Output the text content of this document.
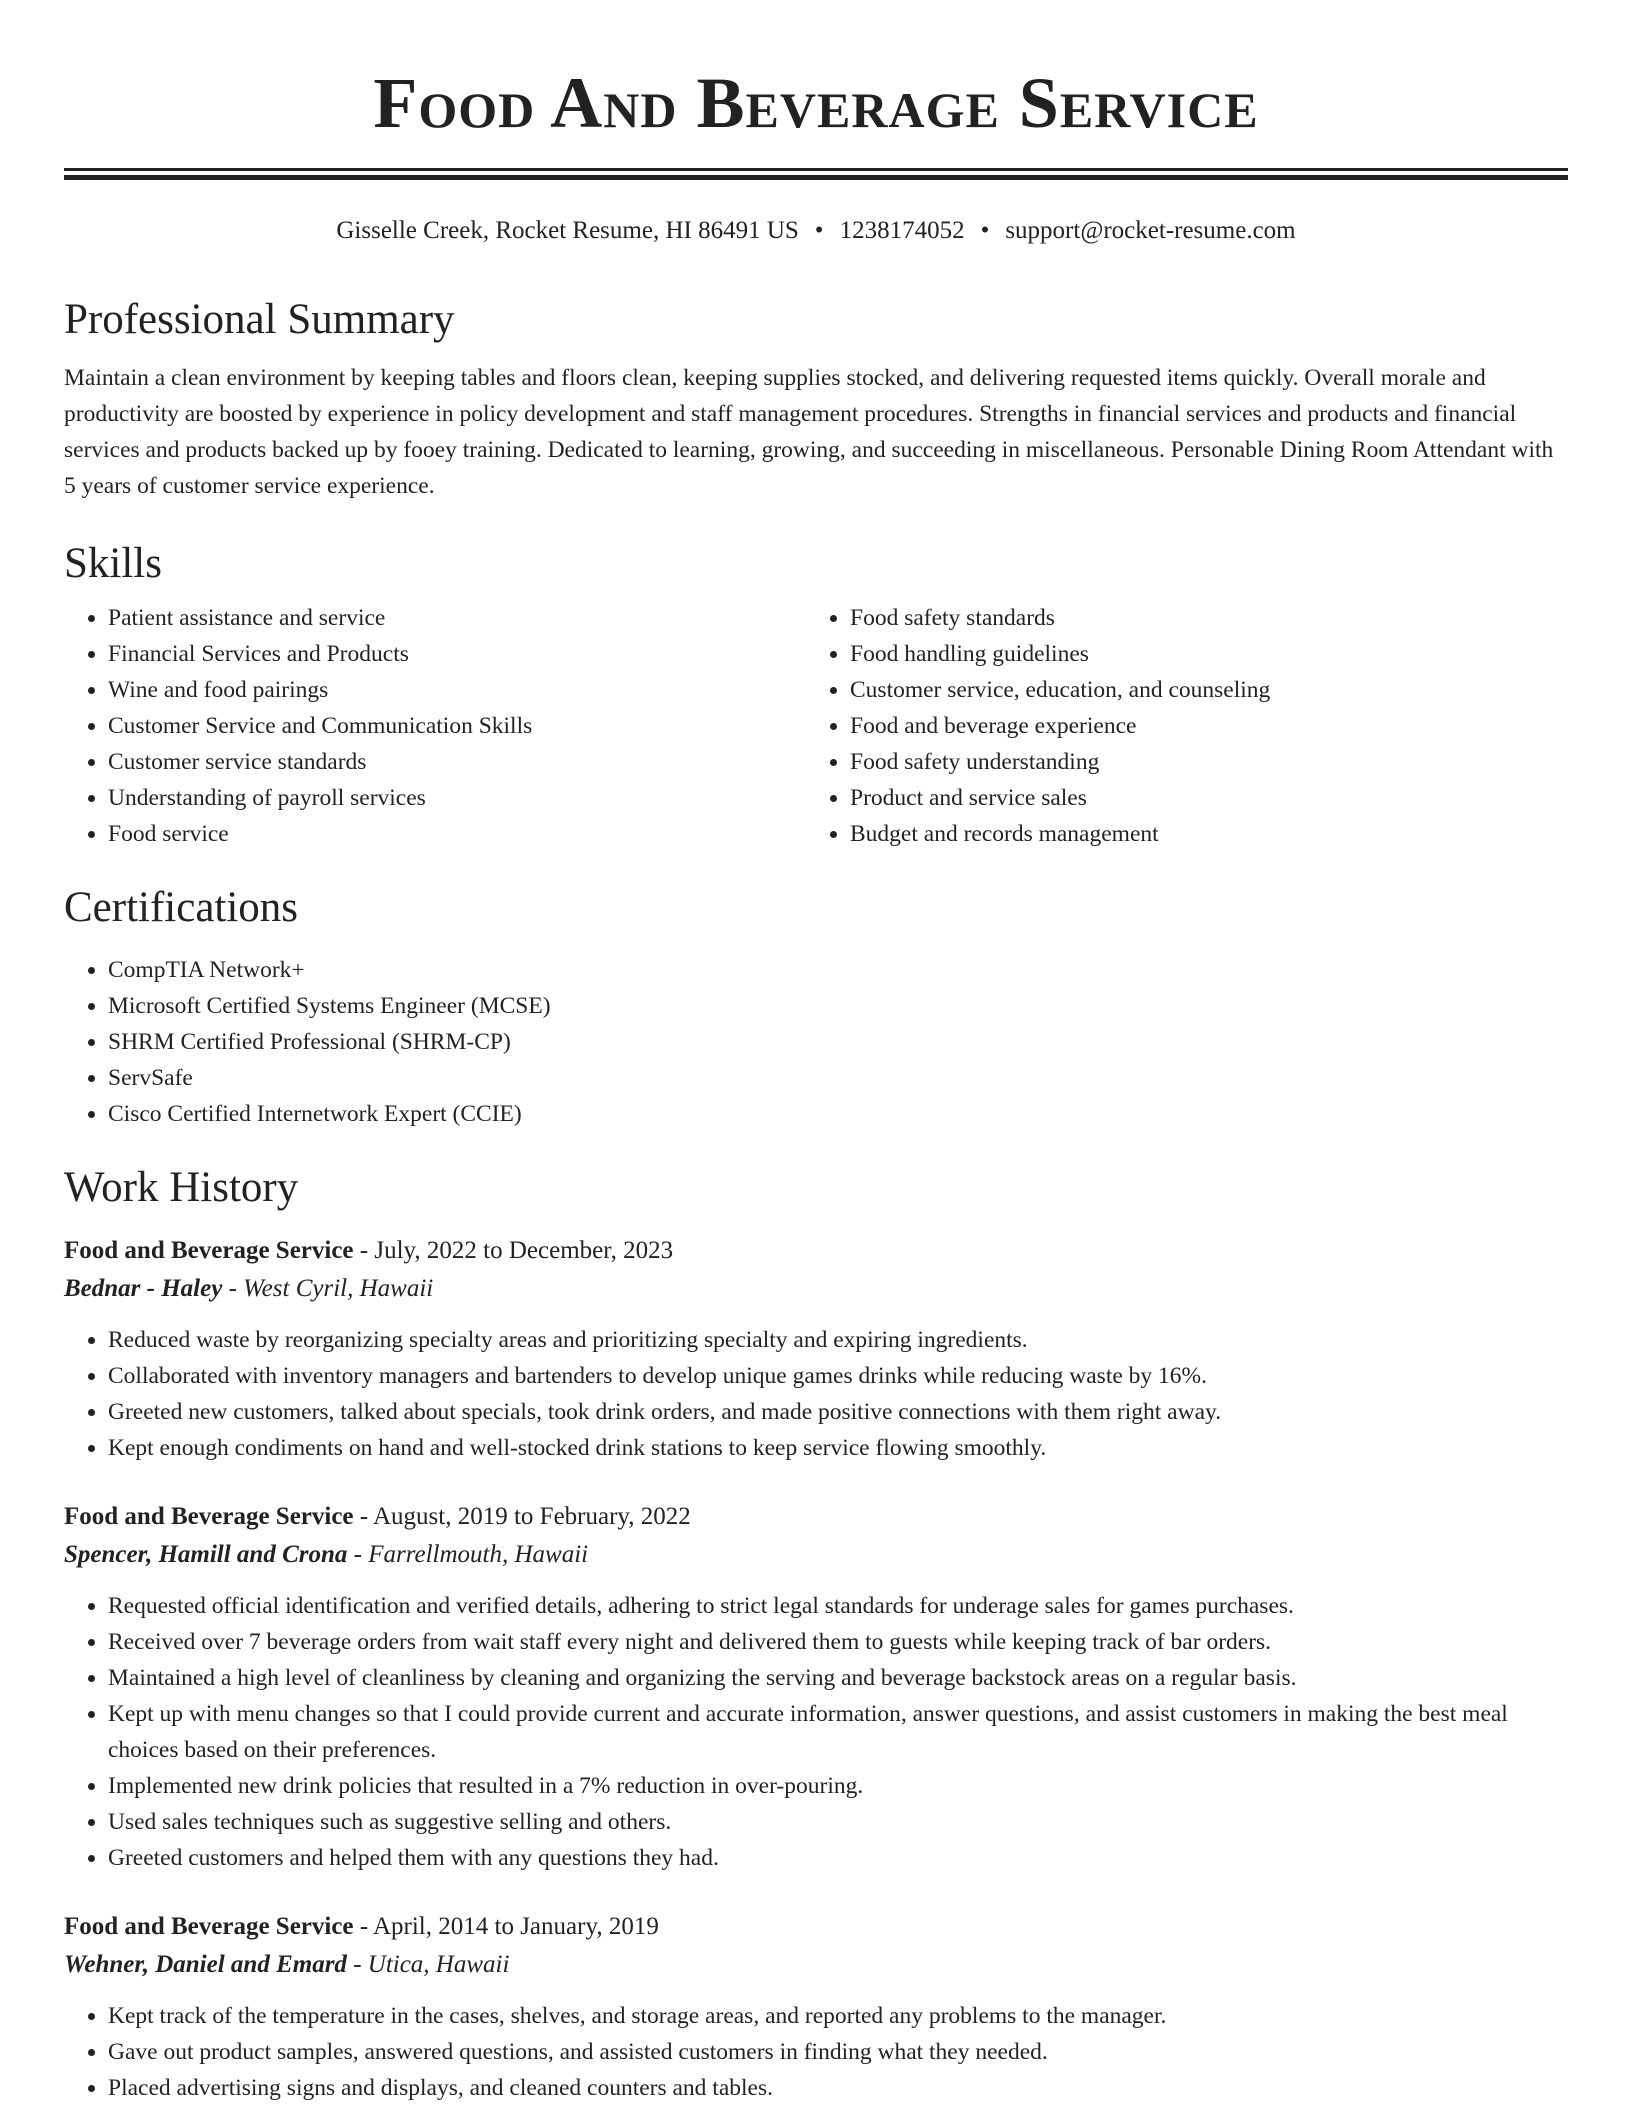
Food And Beverage Service
Gisselle Creek, Rocket Resume, HI 86491 US • 1238174052 • support@rocket-resume.com
Professional Summary

Maintain a clean environment by keeping tables and floors clean, keeping supplies stocked, and delivering requested items quickly. Overall morale and productivity are boosted by experience in policy development and staff management procedures. Strengths in financial services and products and financial services and products backed up by fooey training. Dedicated to learning, growing, and succeeding in miscellaneous. Personable Dining Room Attendant with 5 years of customer service experience.

Skills
• Patient assistance and service
• Financial Services and Products
• Wine and food pairings
• Customer Service and Communication Skills
• Customer service standards
• Understanding of payroll services
• Food service
• Food safety standards
• Food handling guidelines
• Customer service, education, and counseling
• Food and beverage experience
• Food safety understanding
• Product and service sales
• Budget and records management
Certifications
• CompTIA Network+
• Microsoft Certified Systems Engineer (MCSE)
• SHRM Certified Professional (SHRM-CP)
• ServSafe
• Cisco Certified Internetwork Expert (CCIE)
Work History
Food and Beverage Service - July, 2022 to December, 2023
Bednar - Haley - West Cyril, Hawaii
• Reduced waste by reorganizing specialty areas and prioritizing specialty and expiring ingredients.
• Collaborated with inventory managers and bartenders to develop unique games drinks while reducing waste by 16%.
• Greeted new customers, talked about specials, took drink orders, and made positive connections with them right away.
• Kept enough condiments on hand and well-stocked drink stations to keep service flowing smoothly.
Food and Beverage Service - August, 2019 to February, 2022
Spencer, Hamill and Crona - Farrellmouth, Hawaii
• Requested official identification and verified details, adhering to strict legal standards for underage sales for games purchases.
• Received over 7 beverage orders from wait staff every night and delivered them to guests while keeping track of bar orders.
• Maintained a high level of cleanliness by cleaning and organizing the serving and beverage backstock areas on a regular basis.
• Kept up with menu changes so that I could provide current and accurate information, answer questions, and assist customers in making the best meal choices based on their preferences.
• Implemented new drink policies that resulted in a 7% reduction in over-pouring.
• Used sales techniques such as suggestive selling and others.
• Greeted customers and helped them with any questions they had.
Food and Beverage Service - April, 2014 to January, 2019
Wehner, Daniel and Emard - Utica, Hawaii
• Kept track of the temperature in the cases, shelves, and storage areas, and reported any problems to the manager.
• Gave out product samples, answered questions, and assisted customers in finding what they needed.
• Placed advertising signs and displays, and cleaned counters and tables.
